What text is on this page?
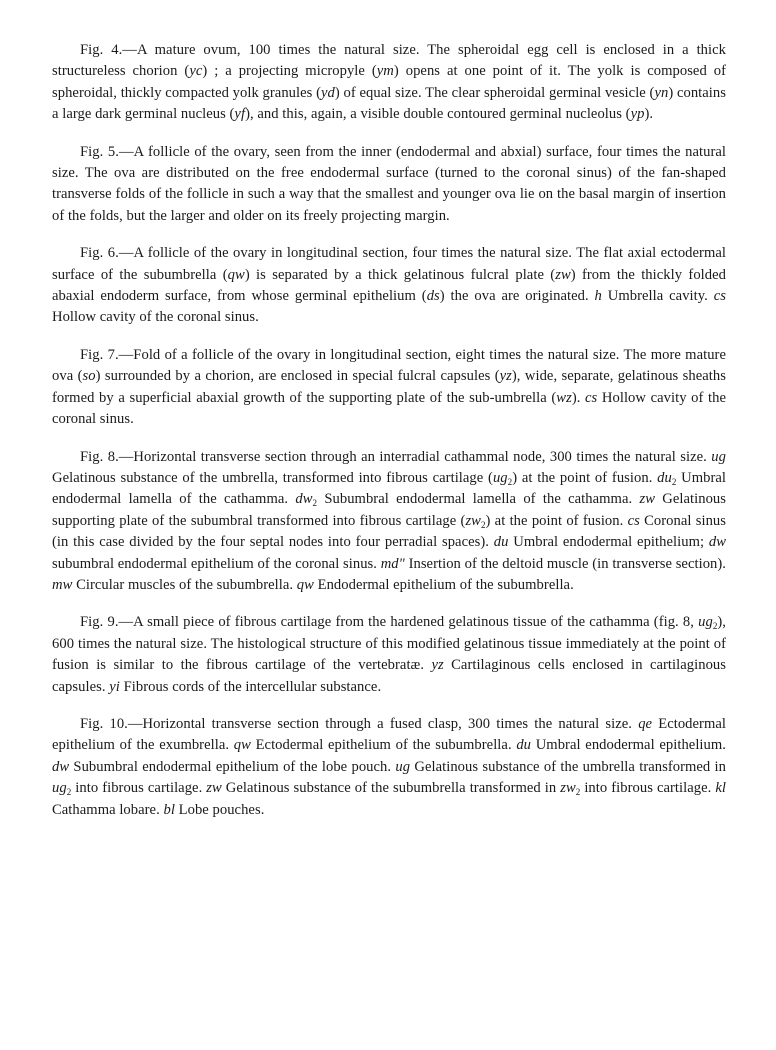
Fig. 4.—A mature ovum, 100 times the natural size. The spheroidal egg cell is enclosed in a thick structureless chorion (yc) ; a projecting micropyle (ym) opens at one point of it. The yolk is composed of spheroidal, thickly compacted yolk granules (yd) of equal size. The clear spheroidal germinal vesicle (yn) contains a large dark germinal nucleus (yf), and this, again, a visible double contoured germinal nucleolus (yp).

Fig. 5.—A follicle of the ovary, seen from the inner (endodermal and abxial) surface, four times the natural size. The ova are distributed on the free endodermal surface (turned to the coronal sinus) of the fan-shaped transverse folds of the follicle in such a way that the smallest and younger ova lie on the basal margin of insertion of the folds, but the larger and older on its freely projecting margin.

Fig. 6.—A follicle of the ovary in longitudinal section, four times the natural size. The flat axial ectodermal surface of the subumbrella (qw) is separated by a thick gelatinous fulcral plate (zw) from the thickly folded abaxial endoderm surface, from whose germinal epithelium (ds) the ova are originated. h Umbrella cavity. cs Hollow cavity of the coronal sinus.

Fig. 7.—Fold of a follicle of the ovary in longitudinal section, eight times the natural size. The more mature ova (so) surrounded by a chorion, are enclosed in special fulcral capsules (yz), wide, separate, gelatinous sheaths formed by a superficial abaxial growth of the supporting plate of the sub-umbrella (wz). cs Hollow cavity of the coronal sinus.

Fig. 8.—Horizontal transverse section through an interradial cathammal node, 300 times the natural size. ug Gelatinous substance of the umbrella, transformed into fibrous cartilage $(ug_2)$ at the point of fusion. $du_2$ Umbral endodermal lamella of the cathamma. $dw_2$ Subumbral endodermal lamella of the cathamma. zw Gelatinous supporting plate of the subumbral transformed into fibrous cartilage $(zw_2)$ at the point of fusion. cs Coronal sinus (in this case divided by the four septal nodes into four perradial spaces). du Umbral endodermal epithelium; dw subumbral endodermal epithelium of the coronal sinus. md" Insertion of the deltoid muscle (in transverse section). mw Circular muscles of the subumbrella. qw Endodermal epithelium of the subumbrella.

Fig. 9.—A small piece of fibrous cartilage from the hardened gelatinous tissue of the cathamma (fig. 8, $ug_2$), 600 times the natural size. The histological structure of this modified gelatinous tissue immediately at the point of fusion is similar to the fibrous cartilage of the vertebratæ. yz Cartilaginous cells enclosed in cartilaginous capsules. yi Fibrous cords of the intercellular substance.

Fig. 10.—Horizontal transverse section through a fused clasp, 300 times the natural size. qe Ectodermal epithelium of the exumbrella. qw Ectodermal epithelium of the subumbrella. du Umbral endodermal epithelium. dw Subumbral endodermal epithelium of the lobe pouch. ug Gelatinous substance of the umbrella transformed in $ug_2$ into fibrous cartilage. zw Gelatinous substance of the subumbrella transformed in $zw_2$ into fibrous cartilage. kl Cathamma lobare. bl Lobe pouches.
